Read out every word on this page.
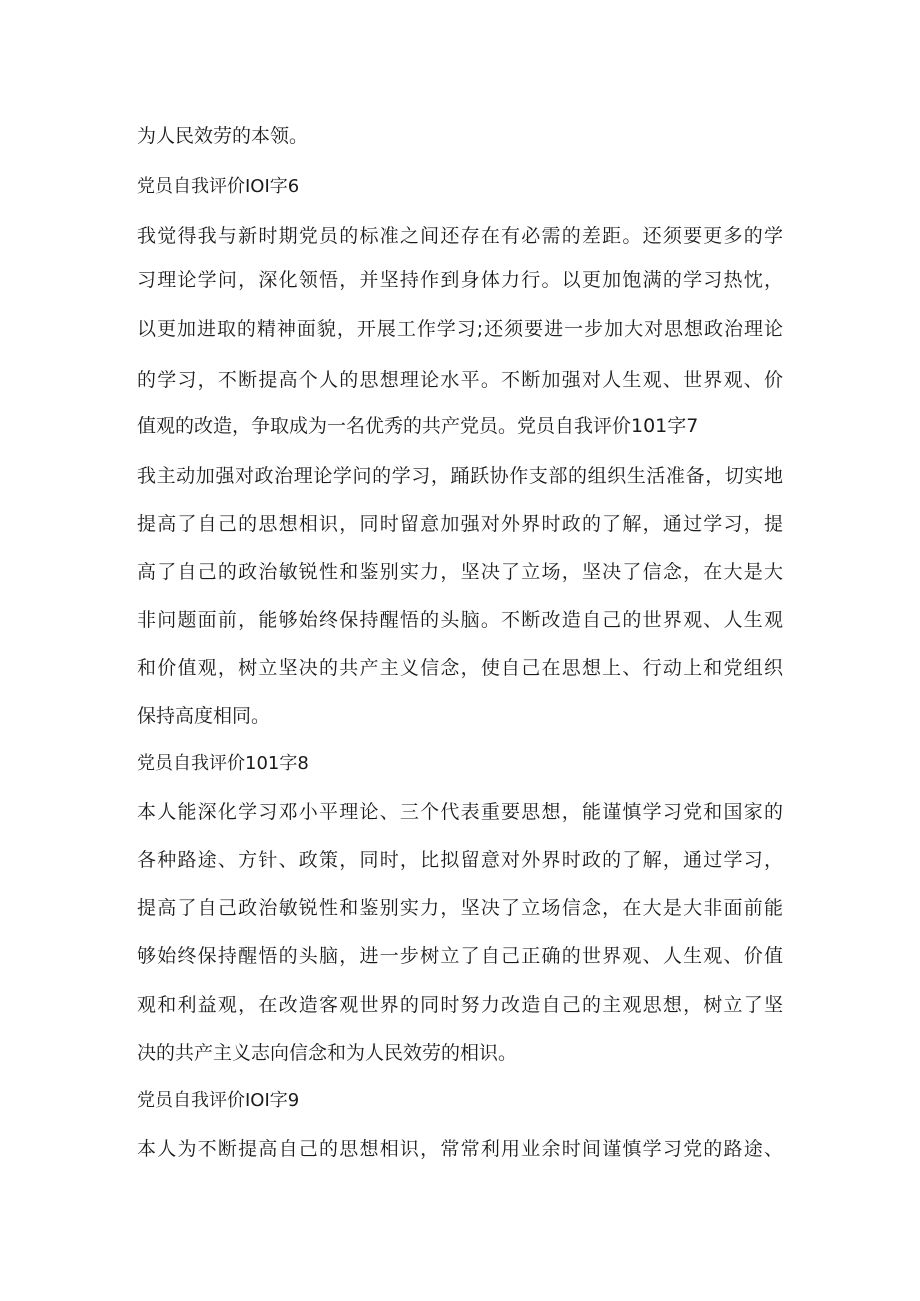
为人民效劳的本领。
党员自我评价IOI字6
我觉得我与新时期党员的标准之间还存在有必需的差距。还须要更多的学
习理论学问，深化领悟，并坚持作到身体力行。以更加饱满的学习热忱，
以更加进取的精神面貌，开展工作学习;还须要进一步加大对思想政治理论
的学习，不断提高个人的思想理论水平。不断加强对人生观、世界观、价
值观的改造，争取成为一名优秀的共产党员。党员自我评价101字7
我主动加强对政治理论学问的学习，踊跃协作支部的组织生活准备，切实地
提高了自己的思想相识，同时留意加强对外界时政的了解，通过学习，提
高了自己的政治敏锐性和鉴别实力，坚决了立场，坚决了信念，在大是大
非问题面前，能够始终保持醒悟的头脑。不断改造自己的世界观、人生观
和价值观，树立坚决的共产主义信念，使自己在思想上、行动上和党组织
保持高度相同。
党员自我评价101字8
本人能深化学习邓小平理论、三个代表重要思想，能谨慎学习党和国家的
各种路途、方针、政策，同时，比拟留意对外界时政的了解，通过学习，
提高了自己政治敏锐性和鉴别实力，坚决了立场信念，在大是大非面前能
够始终保持醒悟的头脑，进一步树立了自己正确的世界观、人生观、价值
观和利益观，在改造客观世界的同时努力改造自己的主观思想，树立了坚
决的共产主义志向信念和为人民效劳的相识。
党员自我评价IOI字9
本人为不断提高自己的思想相识，常常利用业余时间谨慎学习党的路途、
